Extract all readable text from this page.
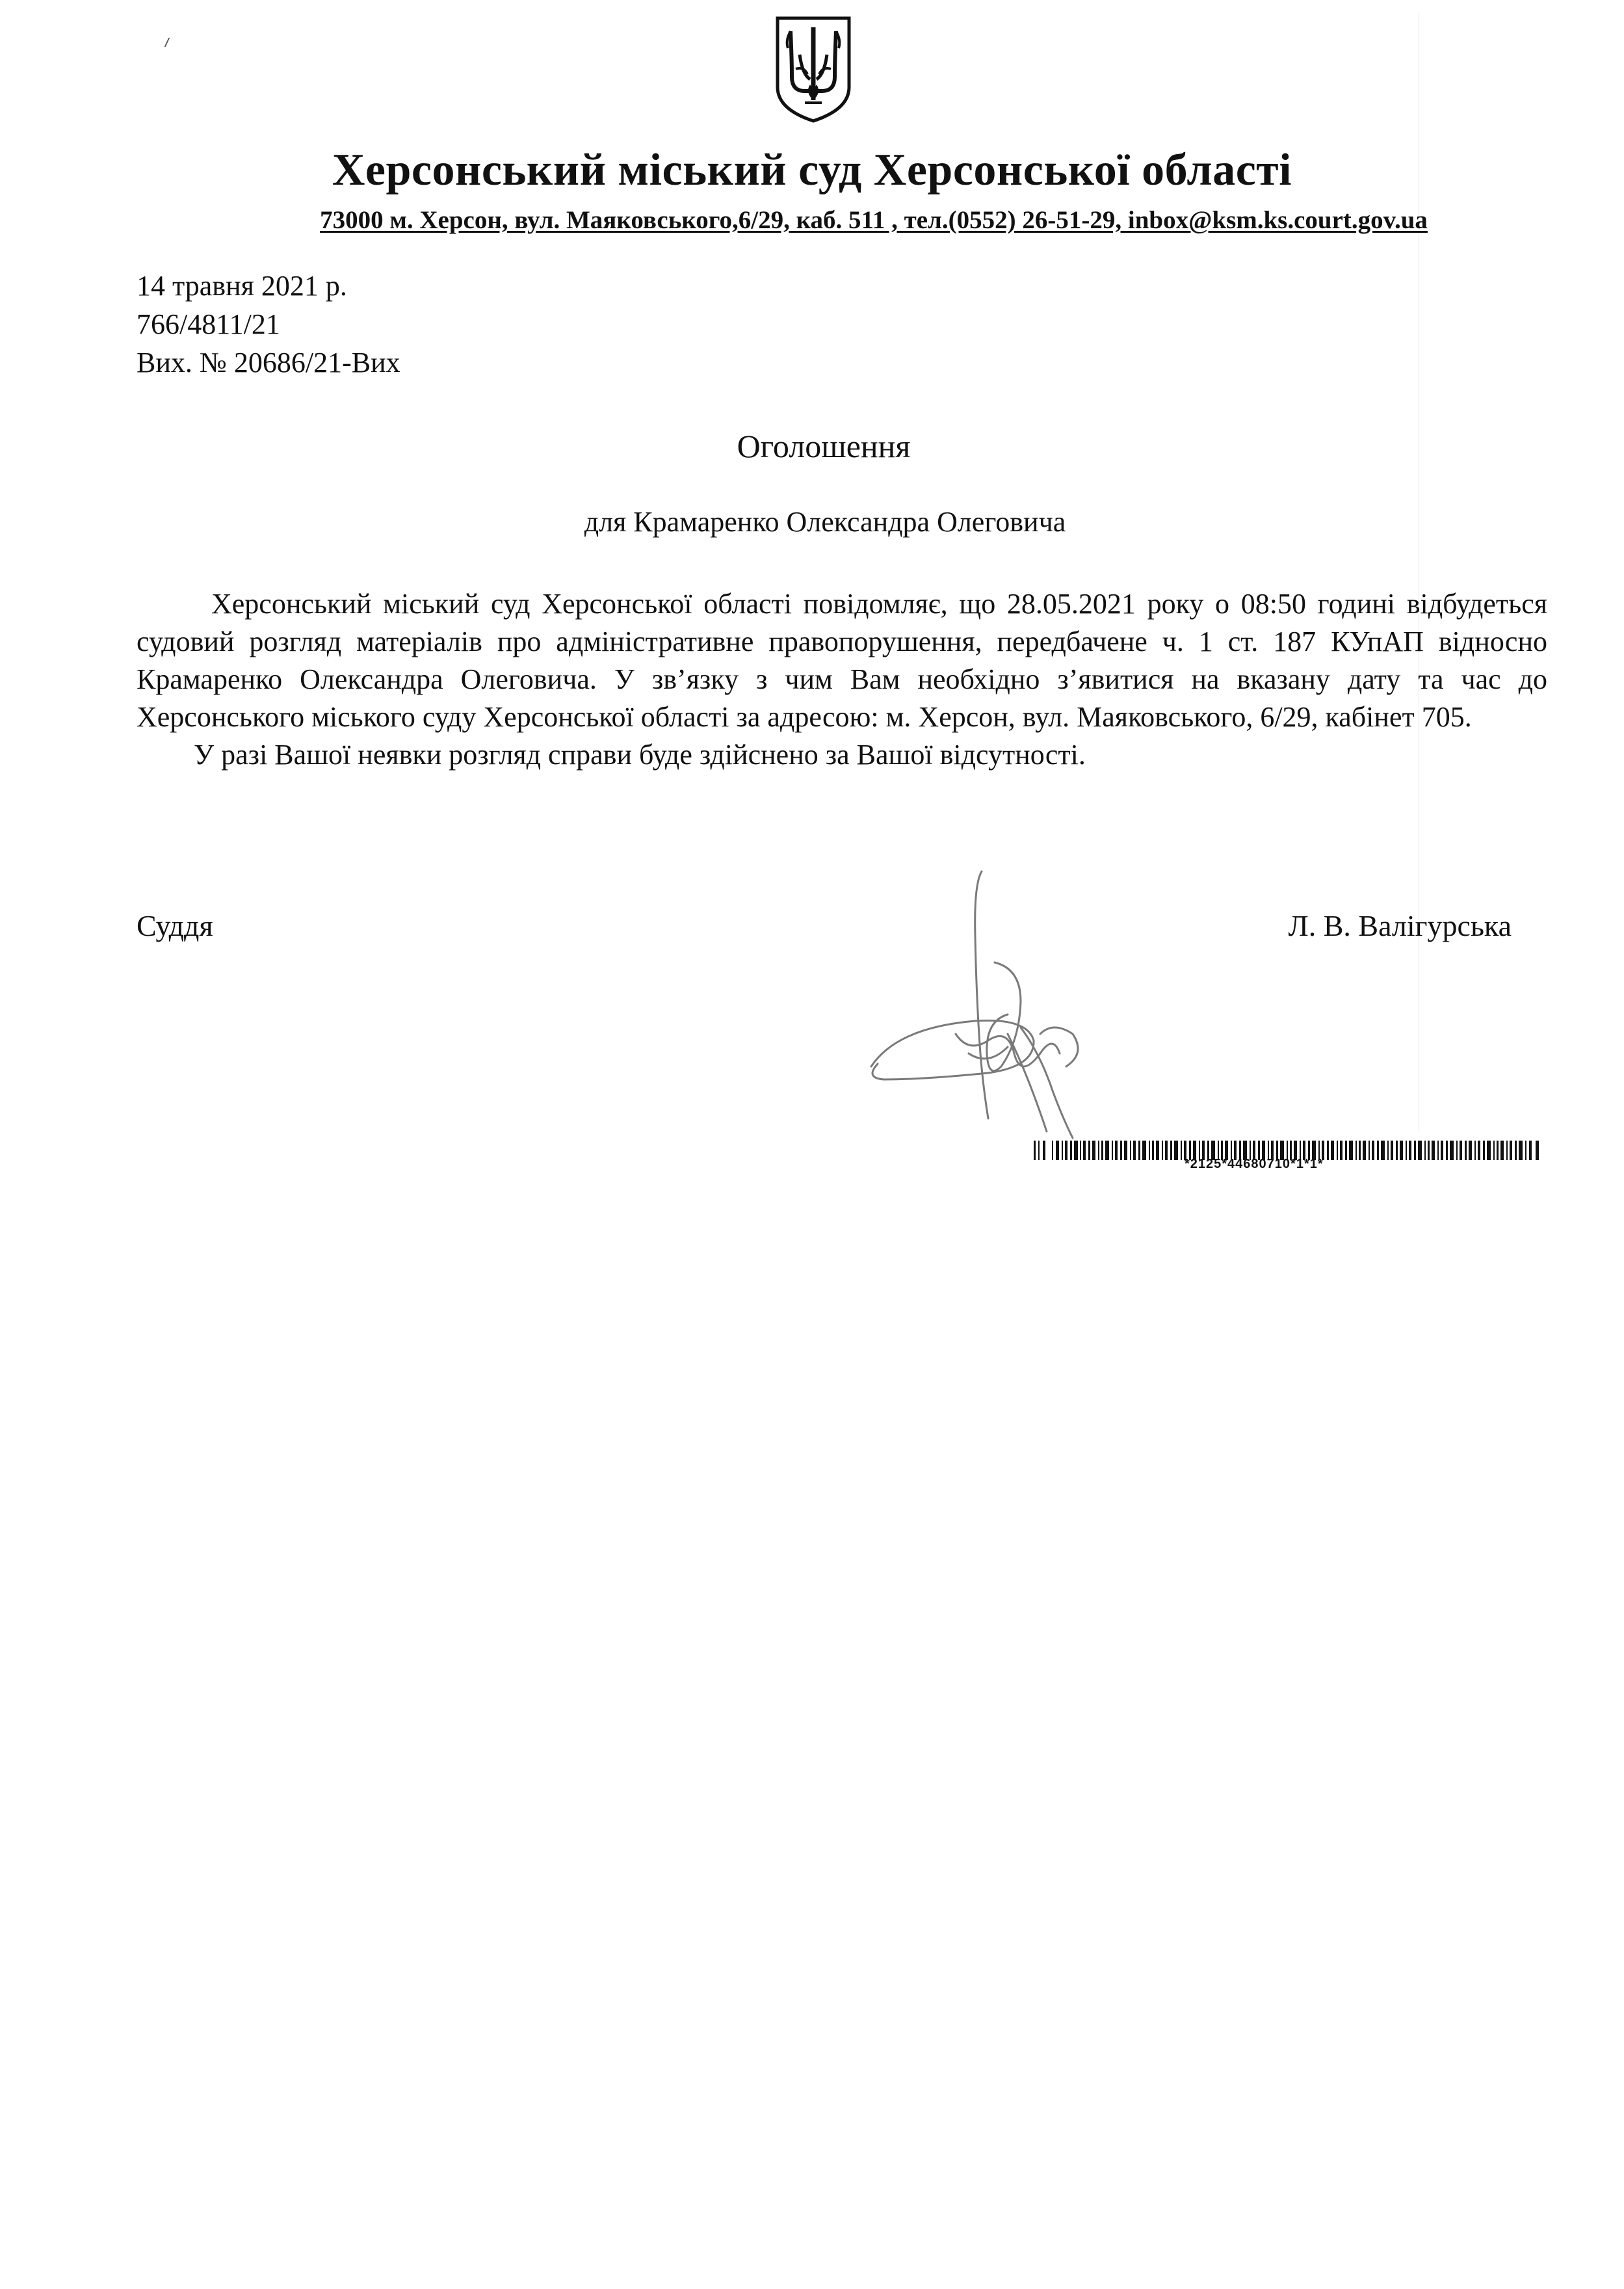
Херсонський міський суд Херсонської області
73000 м. Херсон, вул. Маяковського,6/29, каб. 511 , тел.(0552) 26-51-29, inbox@ksm.ks.court.gov.ua
14 травня 2021 р.
766/4811/21
Вих. № 20686/21-Вих
Оголошення
для Крамаренко Олександра Олеговича

Херсонський міський суд Херсонської області повідомляє, що 28.05.2021 року о 08:50 годині відбудеться судовий розгляд матеріалів про адміністративне правопорушення, передбачене ч. 1 ст. 187 КУпАП відносно Крамаренко Олександра Олеговича. У зв’язку з чим Вам необхідно з’явитися на вказану дату та час до Херсонського міського суду Херсонської області за адресою: м. Херсон, вул. Маяковського, 6/29, кабінет 705.

У разі Вашої неявки розгляд справи буде здійснено за Вашої відсутності.

Суддя	Л. В. Валігурська
*2125*44680710*1*1*
